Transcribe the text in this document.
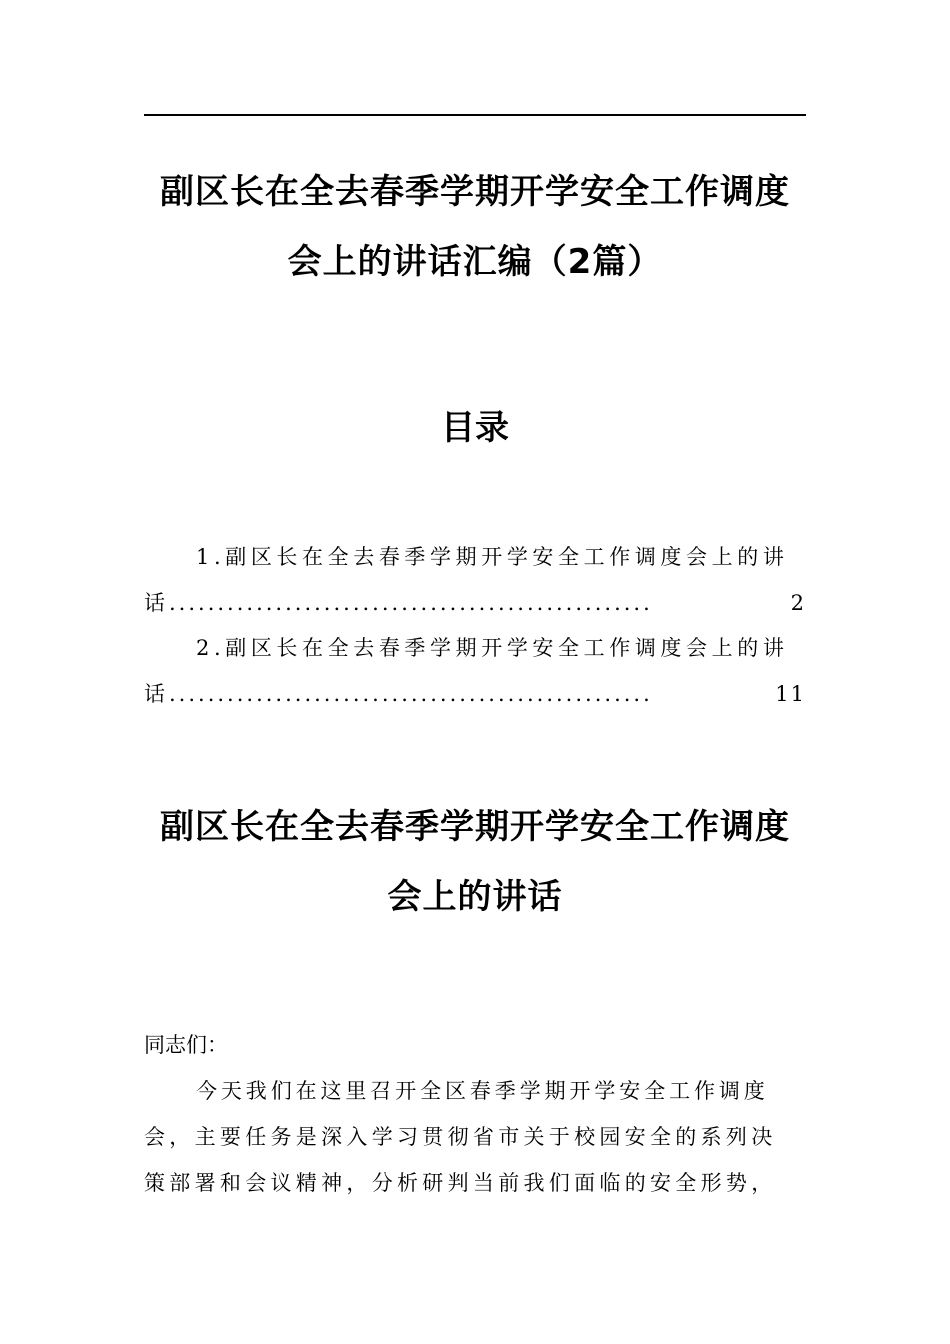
副区长在全去春季学期开学安全工作调度
会上的讲话汇编（2篇）
目录
1.副区长在全去春季学期开学安全工作调度会上的讲
话 ..................................................	2
2.副区长在全去春季学期开学安全工作调度会上的讲
话 ..................................................	11
副区长在全去春季学期开学安全工作调度
会上的讲话
同志们：
今天我们在这里召开全区春季学期开学安全工作调度
会，主要任务是深入学习贯彻省市关于校园安全的系列决
策部署和会议精神，分析研判当前我们面临的安全形势，
